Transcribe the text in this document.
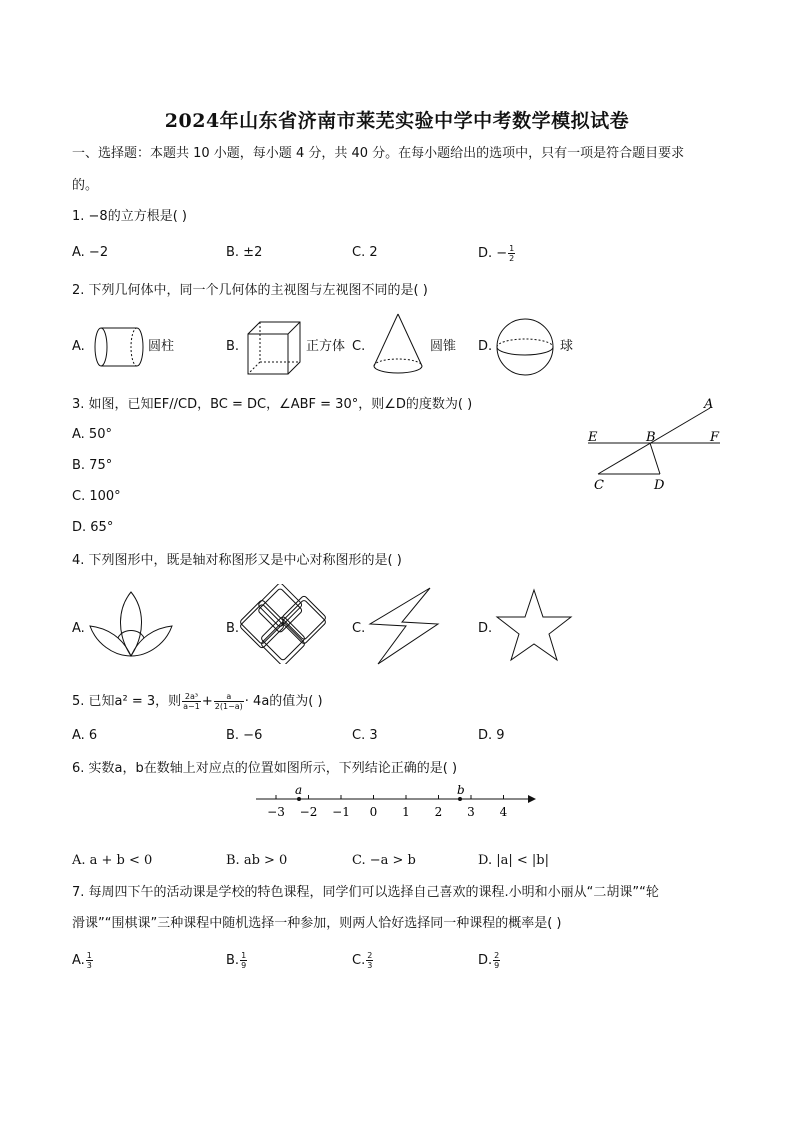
2024年山东省济南市莱芜实验中学中考数学模拟试卷
一、选择题：本题共 10 小题，每小题 4 分，共 40 分。在每小题给出的选项中，只有一项是符合题目要求
的。
1. −8的立方根是( )
A. −2	B. ±2	C. 2	D. − $\frac{1}{2}$
2. 下列几何体中，同一个几何体的主视图与左视图不同的是( )
A.	圆柱	B.	正方体 C.	圆锥 D.	球
3. 如图，已知EF//CD，BC = DC，∠ABF = 30°，则∠D的度数为( )
A. 50°
B. 75°
C. 100°
D. 65°
A
E	B	F
C	D
4. 下列图形中，既是轴对称图形又是中心对称图形的是( )
A.	B.	C.	D.
5. 已知a² = 3，则 $\frac{\text{2a³}}{a-1} + \frac{a}{2(1-a)} \cdot 4a$的值为( )
A. 6	B. −6	C. 3	D. 9
6. 实数a，b在数轴上对应点的位置如图所示，下列结论正确的是( )
−3 −2 −1 0 1 2 3 4
a	b
A. a + b < 0	B. ab > 0	C. −a > b	D. |a| < |b|
7. 每周四下午的活动课是学校的特色课程，同学们可以选择自己喜欢的课程.小明和小丽从“二胡课”“轮
滑课”“围棋课”三种课程中随机选择一种参加，则两人恰好选择同一种课程的概率是( )
A. $\frac{1}{3}$	B. $\frac{1}{9}$	C. $\frac{2}{3}$	D. $\frac{2}{9}$
